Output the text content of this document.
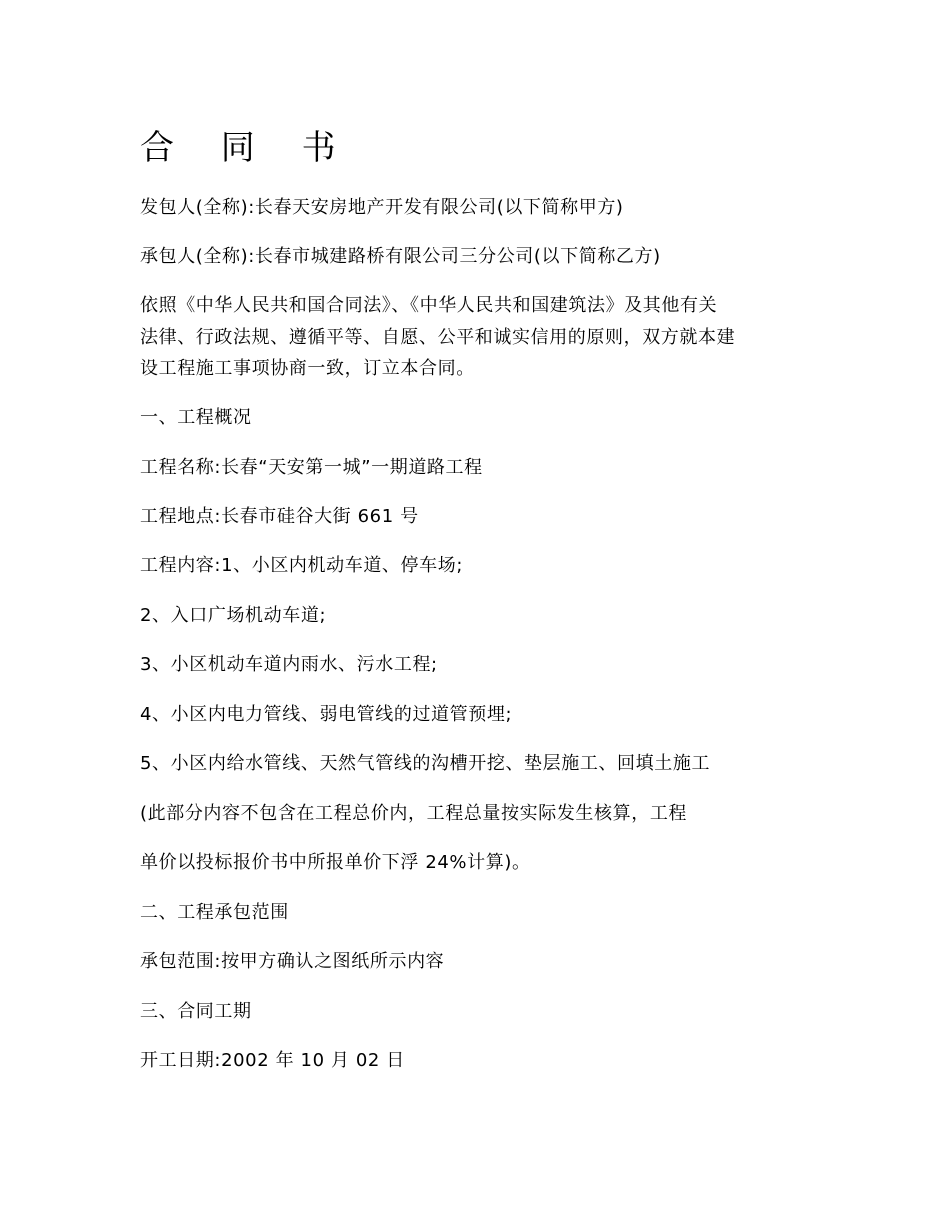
合 同 书

发包人(全称):长春天安房地产开发有限公司(以下简称甲方)

承包人(全称):长春市城建路桥有限公司三分公司(以下简称乙方)

依照《中华人民共和国合同法》、《中华人民共和国建筑法》及其他有关

法律、行政法规、遵循平等、自愿、公平和诚实信用的原则，双方就本建

设工程施工事项协商一致，订立本合同。

一、工程概况

工程名称:长春“天安第一城”一期道路工程

工程地点:长春市硅谷大街 661 号

工程内容:1、小区内机动车道、停车场;

2、入口广场机动车道;

3、小区机动车道内雨水、污水工程;

4、小区内电力管线、弱电管线的过道管预埋;

5、小区内给水管线、天然气管线的沟槽开挖、垫层施工、回填土施工

(此部分内容不包含在工程总价内，工程总量按实际发生核算，工程

单价以投标报价书中所报单价下浮 24%计算)。

二、工程承包范围

承包范围:按甲方确认之图纸所示内容

三、合同工期

开工日期:2002 年 10 月 02 日
